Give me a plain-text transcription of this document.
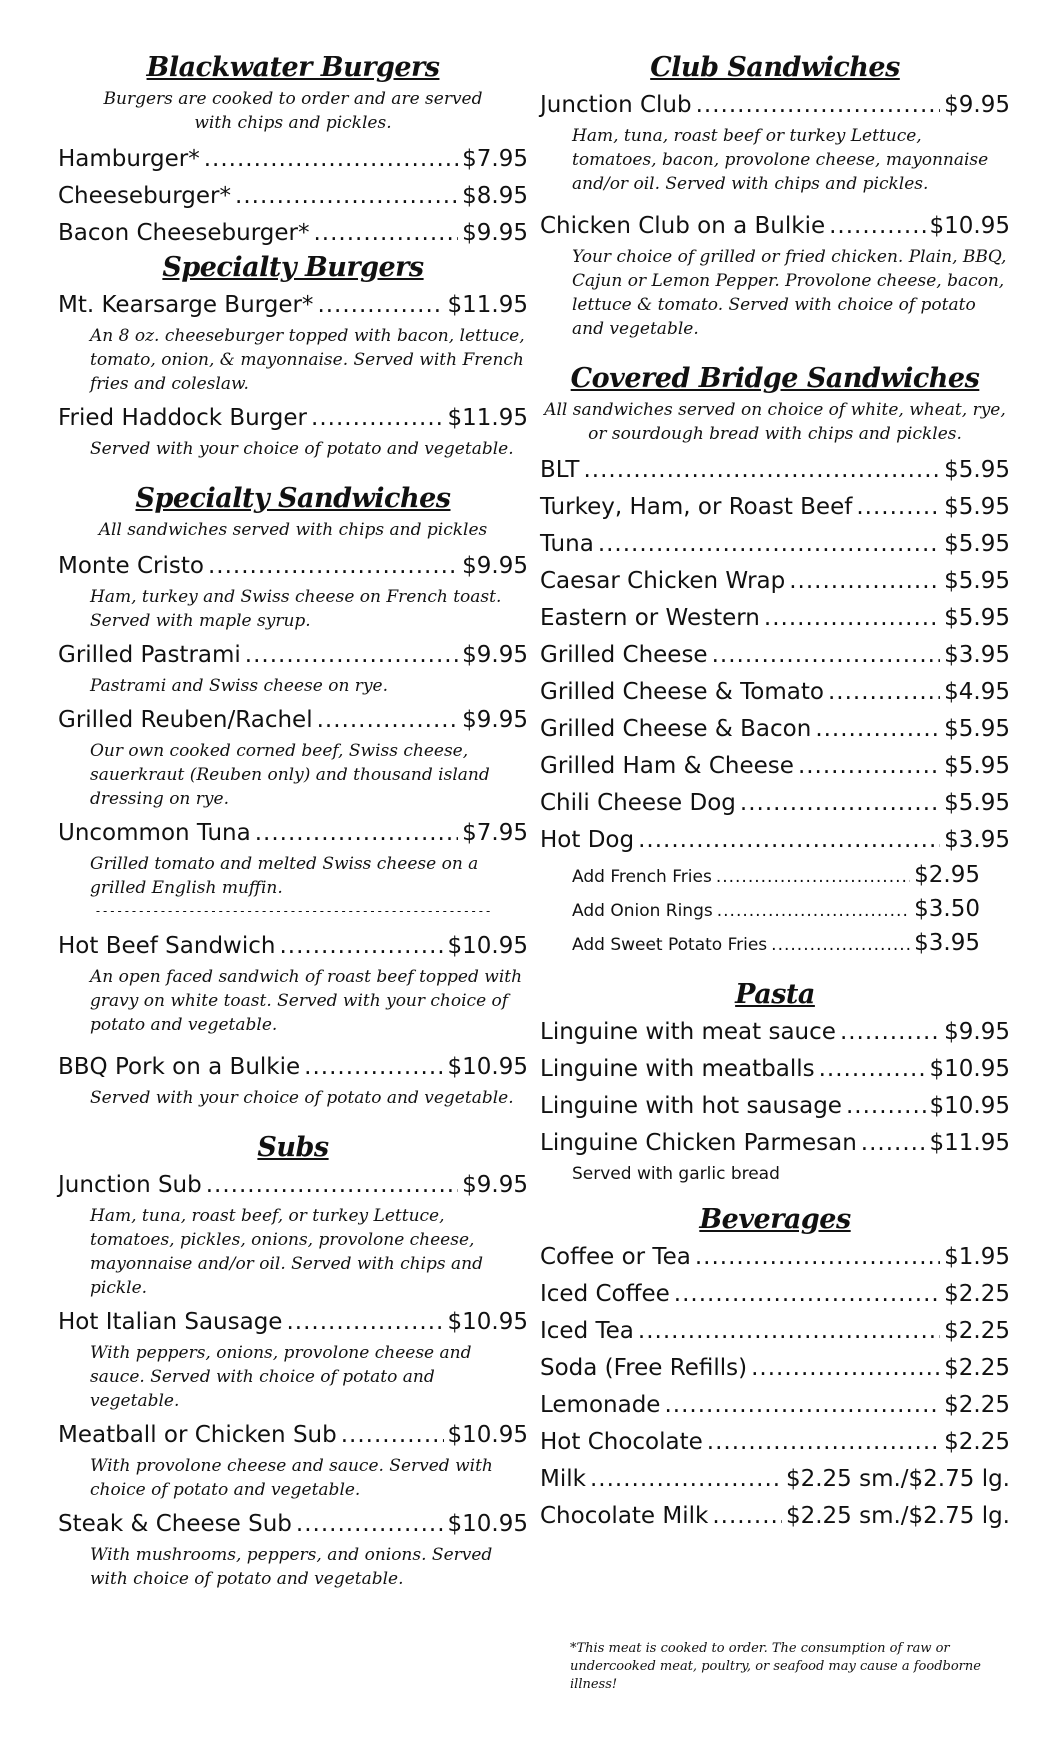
Blackwater Burgers
Burgers are cooked to order and are served with chips and pickles.
Hamburger* .....	$7.95
Cheeseburger* .....	$8.95
Bacon Cheeseburger* .....	$9.95
Specialty Burgers
Mt. Kearsarge Burger* .....	$11.95
An 8 oz. cheeseburger topped with bacon, lettuce, tomato, onion, & mayonnaise. Served with French fries and coleslaw.
Fried Haddock Burger .....	$11.95
Served with your choice of potato and vegetable.
Specialty Sandwiches
All sandwiches served with chips and pickles
Monte Cristo .....	$9.95
Ham, turkey and Swiss cheese on French toast. Served with maple syrup.
Grilled Pastrami .....	$9.95
Pastrami and Swiss cheese on rye.
Grilled Reuben/Rachel .....	$9.95
Our own cooked corned beef, Swiss cheese, sauerkraut (Reuben only) and thousand island dressing on rye.
Uncommon Tuna .....	$7.95
Grilled tomato and melted Swiss cheese on a grilled English muffin.
-------------------------------------------------------
Hot Beef Sandwich .....	$10.95
An open faced sandwich of roast beef topped with gravy on white toast. Served with your choice of potato and vegetable.
BBQ Pork on a Bulkie .....	$10.95
Served with your choice of potato and vegetable.
Subs
Junction Sub .....	$9.95
Ham, tuna, roast beef, or turkey Lettuce, tomatoes, pickles, onions, provolone cheese, mayonnaise and/or oil. Served with chips and pickle.
Hot Italian Sausage .....	$10.95
With peppers, onions, provolone cheese and sauce. Served with choice of potato and vegetable.
Meatball or Chicken Sub .....	$10.95
With provolone cheese and sauce. Served with choice of potato and vegetable.
Steak & Cheese Sub .....	$10.95
With mushrooms, peppers, and onions. Served with choice of potato and vegetable.
Club Sandwiches
Junction Club .....	$9.95
Ham, tuna, roast beef or turkey Lettuce, tomatoes, bacon, provolone cheese, mayonnaise and/or oil. Served with chips and pickles.
Chicken Club on a Bulkie .....	$10.95
Your choice of grilled or fried chicken. Plain, BBQ, Cajun or Lemon Pepper. Provolone cheese, bacon, lettuce & tomato. Served with choice of potato and vegetable.
Covered Bridge Sandwiches
All sandwiches served on choice of white, wheat, rye, or sourdough bread with chips and pickles.
BLT .....	$5.95
Turkey, Ham, or Roast Beef .....	$5.95
Tuna .....	$5.95
Caesar Chicken Wrap .....	$5.95
Eastern or Western .....	$5.95
Grilled Cheese .....	$3.95
Grilled Cheese & Tomato .....	$4.95
Grilled Cheese & Bacon .....	$5.95
Grilled Ham & Cheese .....	$5.95
Chili Cheese Dog .....	$5.95
Hot Dog .....	$3.95
Add French Fries .....	$2.95
Add Onion Rings .....	$3.50
Add Sweet Potato Fries .....	$3.95
Pasta
Linguine with meat sauce .....	$9.95
Linguine with meatballs .....	$10.95
Linguine with hot sausage .....	$10.95
Linguine Chicken Parmesan .....	$11.95
Served with garlic bread
Beverages
Coffee or Tea .....	$1.95
Iced Coffee .....	$2.25
Iced Tea .....	$2.25
Soda (Free Refills) .....	$2.25
Lemonade .....	$2.25
Hot Chocolate .....	$2.25
Milk .....	$2.25 sm./$2.75 lg.
Chocolate Milk .....	$2.25 sm./$2.75 lg.
*This meat is cooked to order. The consumption of raw or undercooked meat, poultry, or seafood may cause a foodborne illness!
